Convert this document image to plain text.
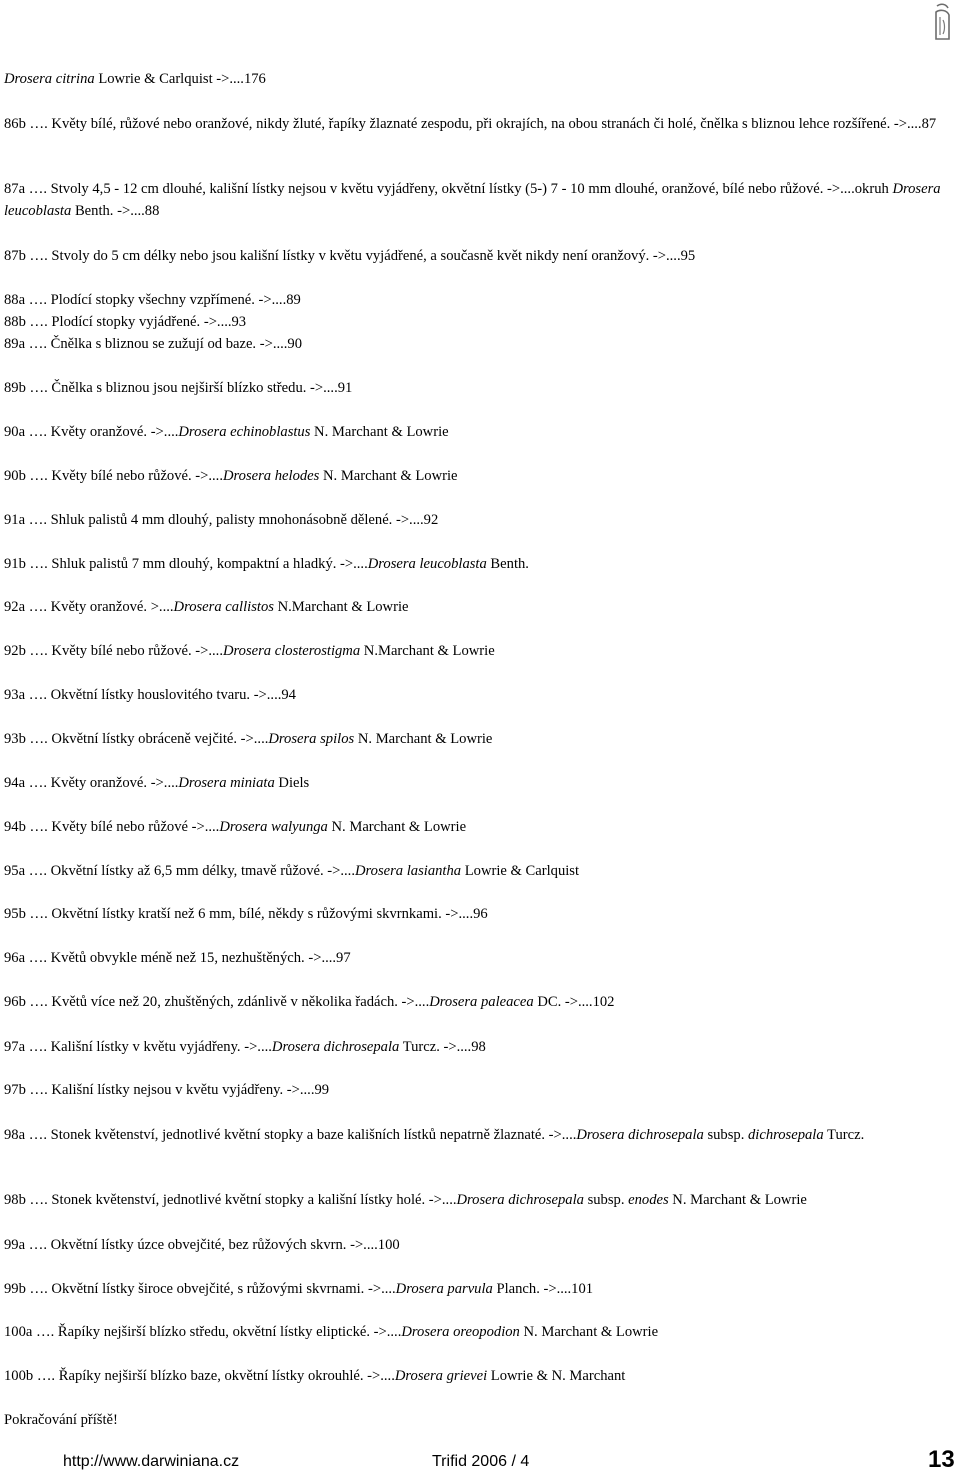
Drosera citrina Lowrie & Carlquist ->....176
86b …. Květy bílé, růžové nebo oranžové, nikdy žluté, řapíky žlaznaté zespodu, při okrajích, na obou stranách či holé, čnělka s bliznou lehce rozšířené. ->....87
87a …. Stvoly 4,5 - 12 cm dlouhé, kališní lístky nejsou v květu vyjádřeny, okvětní lístky (5-) 7 - 10 mm dlouhé, oranžové, bílé nebo růžové. ->....okruh Drosera leucoblasta Benth. ->....88
87b …. Stvoly do 5 cm délky nebo jsou kališní lístky v květu vyjádřené, a současně květ nikdy není oranžový. ->....95
88a …. Plodící stopky všechny vzpřímené. ->....89
88b …. Plodící stopky vyjádřené. ->....93
89a …. Čnělka s bliznou se zužují od baze. ->....90
89b …. Čnělka s bliznou jsou nejširší blízko středu. ->....91
90a …. Květy oranžové. ->....Drosera echinoblastus N. Marchant & Lowrie
90b …. Květy bílé nebo růžové. ->....Drosera helodes N. Marchant & Lowrie
91a …. Shluk palistů 4 mm dlouhý, palisty mnohonásobně dělené. ->....92
91b …. Shluk palistů 7 mm dlouhý, kompaktní a hladký. ->....Drosera leucoblasta Benth.
92a …. Květy oranžové. >....Drosera callistos N.Marchant & Lowrie
92b …. Květy bílé nebo růžové. ->....Drosera closterostigma N.Marchant & Lowrie
93a …. Okvětní lístky houslovitého tvaru. ->....94
93b …. Okvětní lístky obráceně vejčité. ->....Drosera spilos N. Marchant & Lowrie
94a …. Květy oranžové. ->....Drosera miniata Diels
94b …. Květy bílé nebo růžové ->....Drosera walyunga N. Marchant & Lowrie
95a …. Okvětní lístky až 6,5 mm délky, tmavě růžové. ->....Drosera lasiantha Lowrie & Carlquist
95b …. Okvětní lístky kratší než 6 mm, bílé, někdy s růžovými skvrnkami. ->....96
96a …. Květů obvykle méně než 15, nezhuštěných. ->....97
96b …. Květů více než 20, zhuštěných, zdánlivě v několika řadách. ->....Drosera paleacea DC. ->....102
97a …. Kališní lístky v květu vyjádřeny. ->....Drosera dichrosepala Turcz. ->....98
97b …. Kališní lístky nejsou v květu vyjádřeny. ->....99
98a …. Stonek květenství, jednotlivé květní stopky a baze kališních lístků nepatrně žlaznaté. ->....Drosera dichrosepala subsp. dichrosepala Turcz.
98b …. Stonek květenství, jednotlivé květní stopky a kališní lístky holé. ->....Drosera dichrosepala subsp. enodes N. Marchant & Lowrie
99a …. Okvětní lístky úzce obvejčité, bez růžových skvrn. ->....100
99b …. Okvětní lístky široce obvejčité, s růžovými skvrnami. ->....Drosera parvula Planch. ->....101
100a …. Řapíky nejširší blízko středu, okvětní lístky eliptické. ->....Drosera oreopodion N. Marchant & Lowrie
100b …. Řapíky nejširší blízko baze, okvětní lístky okrouhlé. ->....Drosera grievei Lowrie & N. Marchant
Pokračování příště!
http://www.darwiniana.cz	Trifid 2006 / 4	13
